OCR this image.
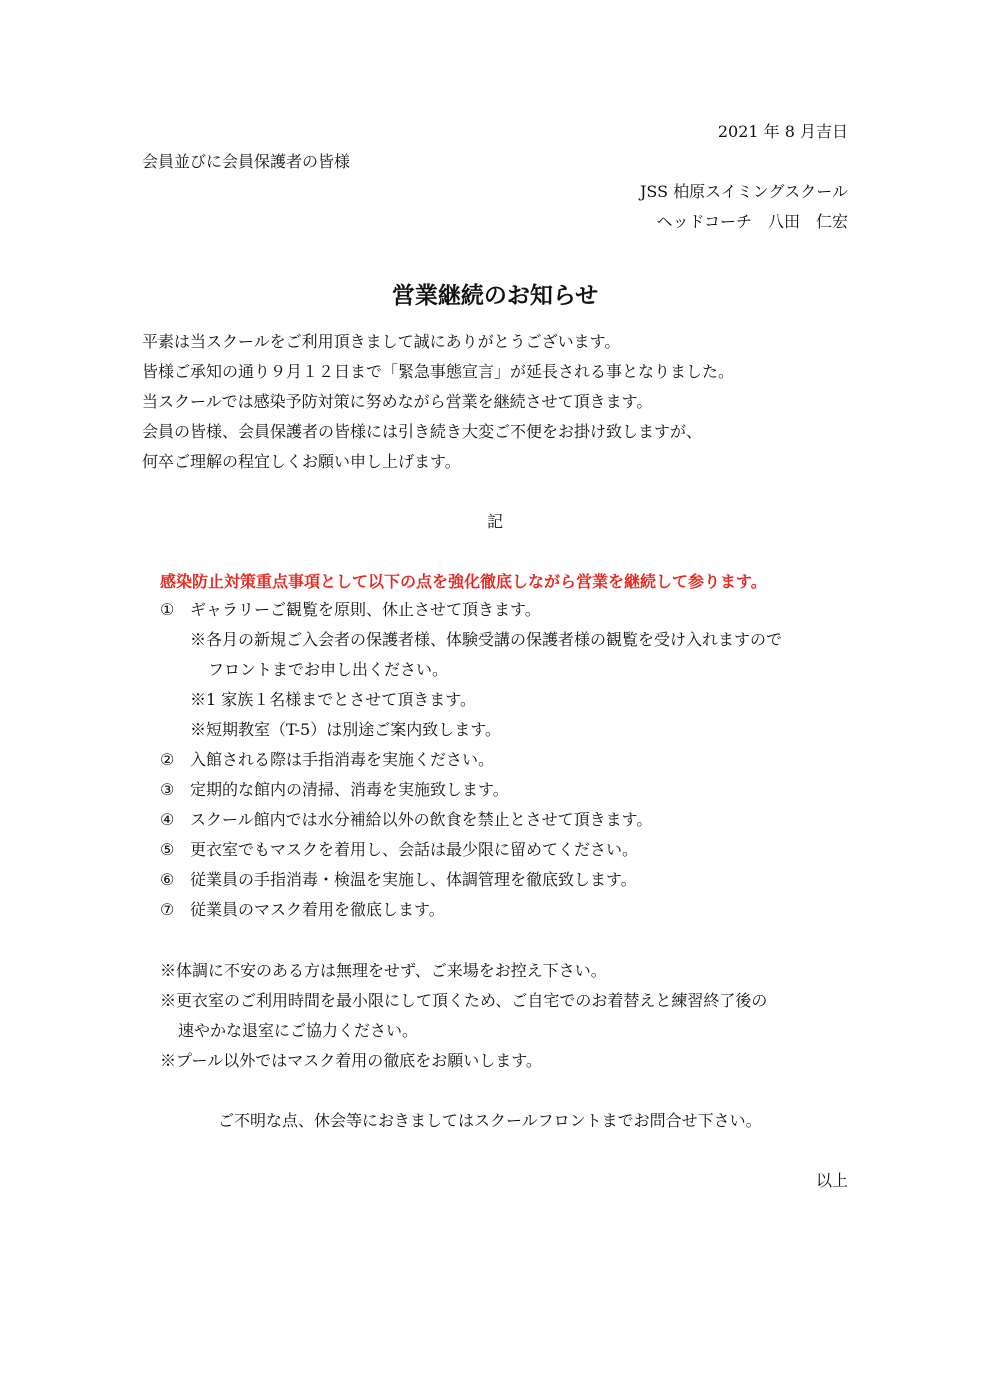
2021 年 8 月吉日
会員並びに会員保護者の皆様
JSS 柏原スイミングスクール
ヘッドコーチ　八田　仁宏
営業継続のお知らせ
平素は当スクールをご利用頂きまして誠にありがとうございます。
皆様ご承知の通り９月１２日まで「緊急事態宣言」が延長される事となりました。
当スクールでは感染予防対策に努めながら営業を継続させて頂きます。
会員の皆様、会員保護者の皆様には引き続き大変ご不便をお掛け致しますが、
何卒ご理解の程宜しくお願い申し上げます。
記
感染防止対策重点事項として以下の点を強化徹底しながら営業を継続して参ります。
① ギャラリーご観覧を原則、休止させて頂きます。
※各月の新規ご入会者の保護者様、体験受講の保護者様の観覧を受け入れますので
フロントまでお申し出ください。
※1 家族１名様までとさせて頂きます。
※短期教室（T-5）は別途ご案内致します。
② 入館される際は手指消毒を実施ください。
③ 定期的な館内の清掃、消毒を実施致します。
④ スクール館内では水分補給以外の飲食を禁止とさせて頂きます。
⑤ 更衣室でもマスクを着用し、会話は最少限に留めてください。
⑥ 従業員の手指消毒・検温を実施し、体調管理を徹底致します。
⑦ 従業員のマスク着用を徹底します。
※体調に不安のある方は無理をせず、ご来場をお控え下さい。
※更衣室のご利用時間を最小限にして頂くため、ご自宅でのお着替えと練習終了後の
速やかな退室にご協力ください。
※プール以外ではマスク着用の徹底をお願いします。
ご不明な点、休会等におきましてはスクールフロントまでお問合せ下さい。
以上
